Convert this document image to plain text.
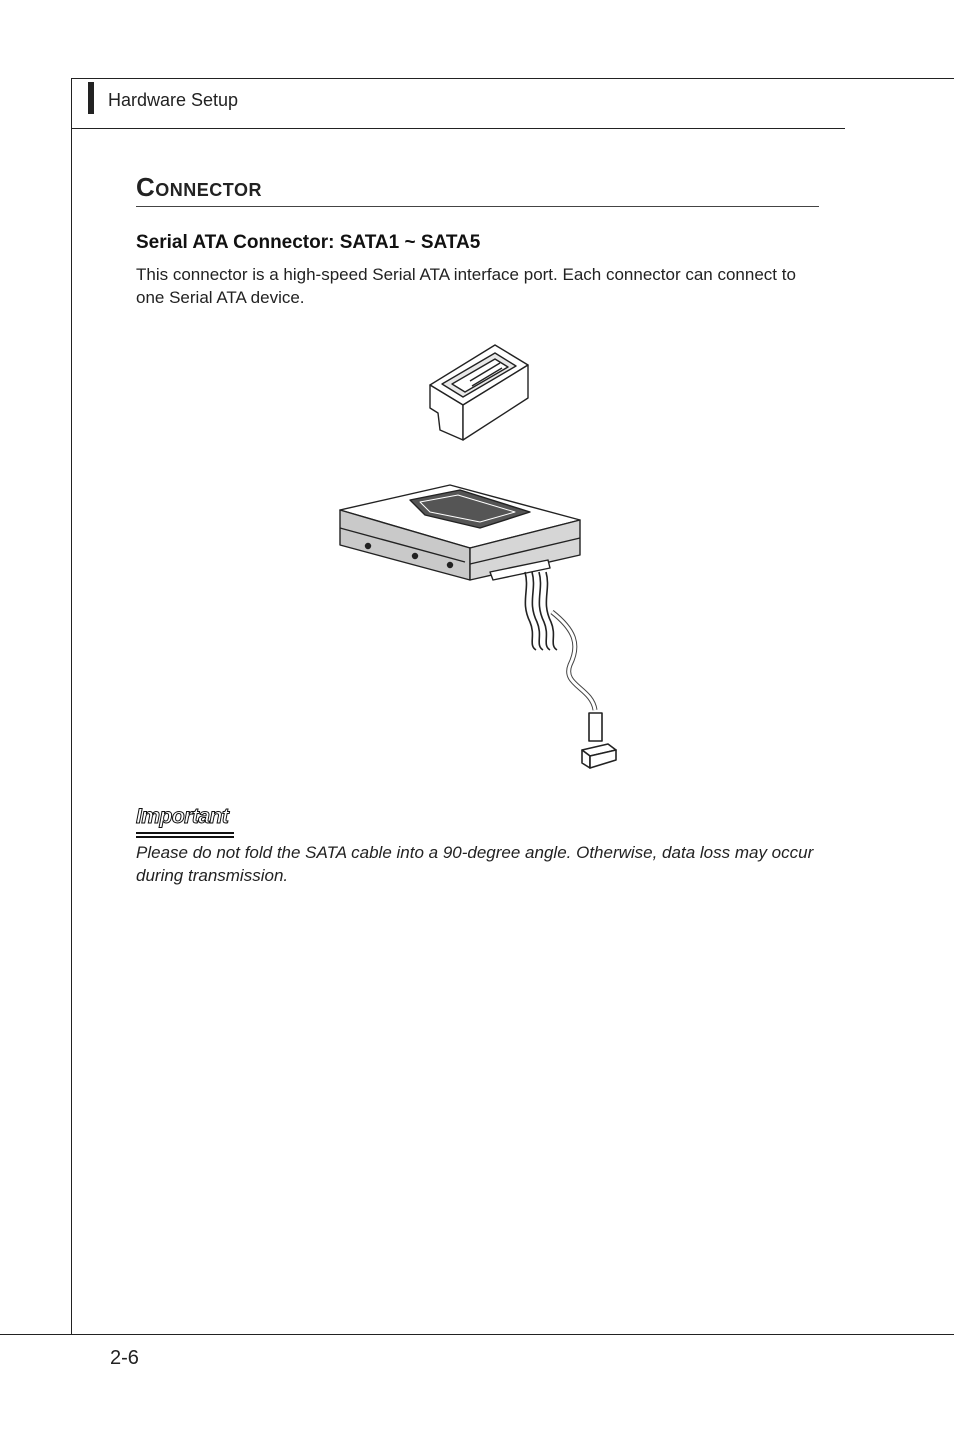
Hardware Setup
Connector
Serial ATA Connector: SATA1 ~ SATA5
This connector is a high-speed Serial ATA interface port. Each connector can connect to one Serial ATA device.
Important
Please do not fold the SATA cable into a 90-degree angle. Otherwise, data loss may occur during transmission.
2-6
